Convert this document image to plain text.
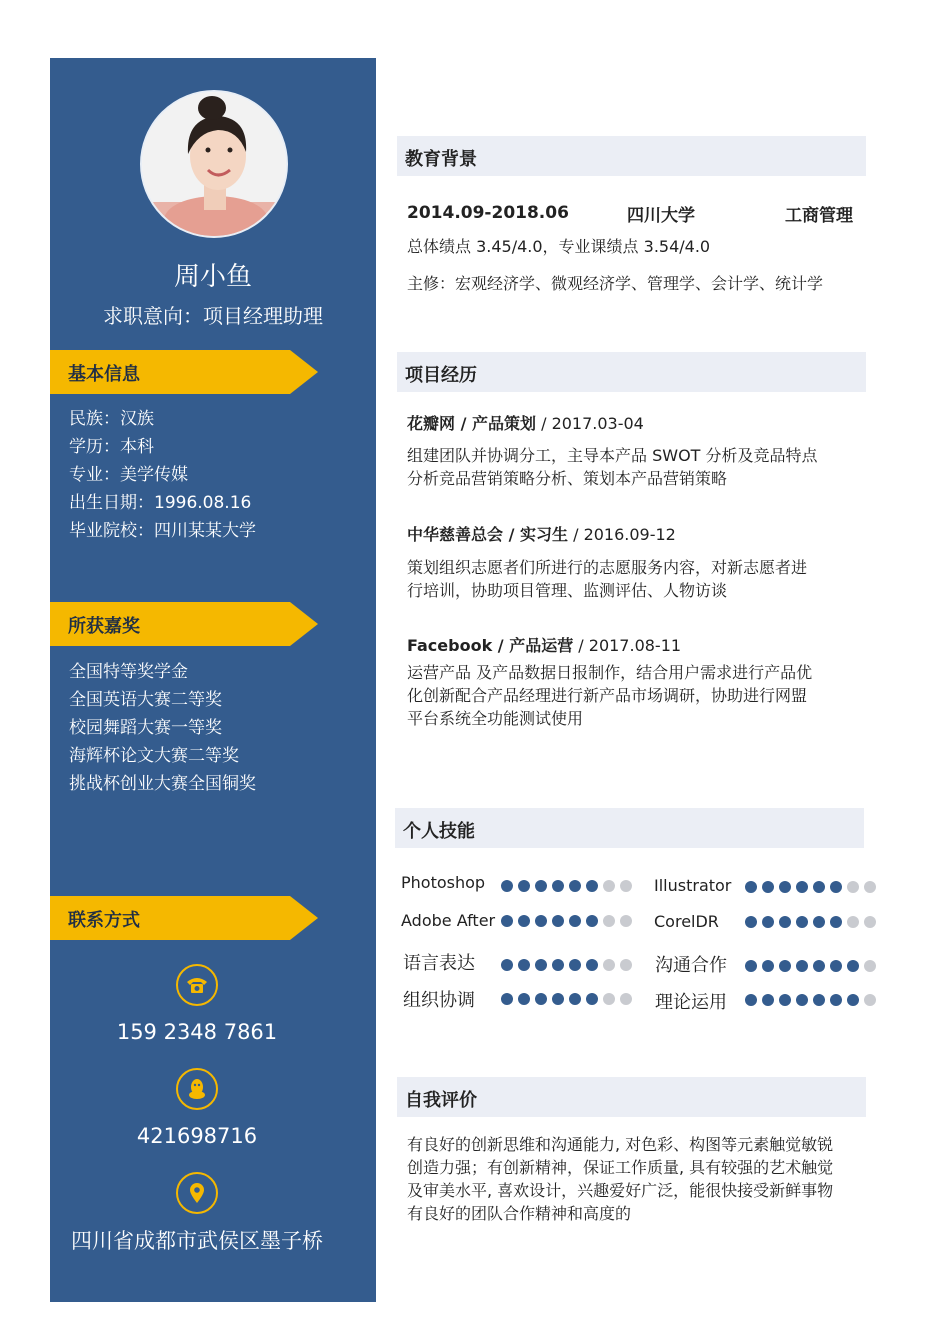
周小鱼
求职意向：项目经理助理
基本信息
民族：汉族
学历：本科
专业：美学传媒
出生日期：1996.08.16
毕业院校：四川某某大学
所获嘉奖
全国特等奖学金
全国英语大赛二等奖
校园舞蹈大赛一等奖
海辉杯论文大赛二等奖
挑战杯创业大赛全国铜奖
联系方式
159 2348 7861
421698716
四川省成都市武侯区墨子桥
教育背景
2014.09-2018.06	四川大学	工商管理
总体绩点 3.45/4.0，专业课绩点 3.54/4.0
主修：宏观经济学、微观经济学、管理学、会计学、统计学
项目经历
花瓣网 / 产品策划 / 2017.03-04
组建团队并协调分工，主导本产品 SWOT 分析及竞品特点
分析竞品营销策略分析、策划本产品营销策略
中华慈善总会 / 实习生 / 2016.09-12
策划组织志愿者们所进行的志愿服务内容，对新志愿者进
行培训，协助项目管理、监测评估、人物访谈
Facebook / 产品运营 / 2017.08-11
运营产品 及产品数据日报制作，结合用户需求进行产品优
化创新配合产品经理进行新产品市场调研，协助进行网盟
平台系统全功能测试使用
个人技能
Photoshop	Illustrator
Adobe After	CorelDR
语言表达	沟通合作
组织协调	理论运用
自我评价
有良好的创新思维和沟通能力, 对色彩、构图等元素触觉敏锐
创造力强；有创新精神，保证工作质量, 具有较强的艺术触觉
及审美水平, 喜欢设计，兴趣爱好广泛，能很快接受新鲜事物
有良好的团队合作精神和高度的
